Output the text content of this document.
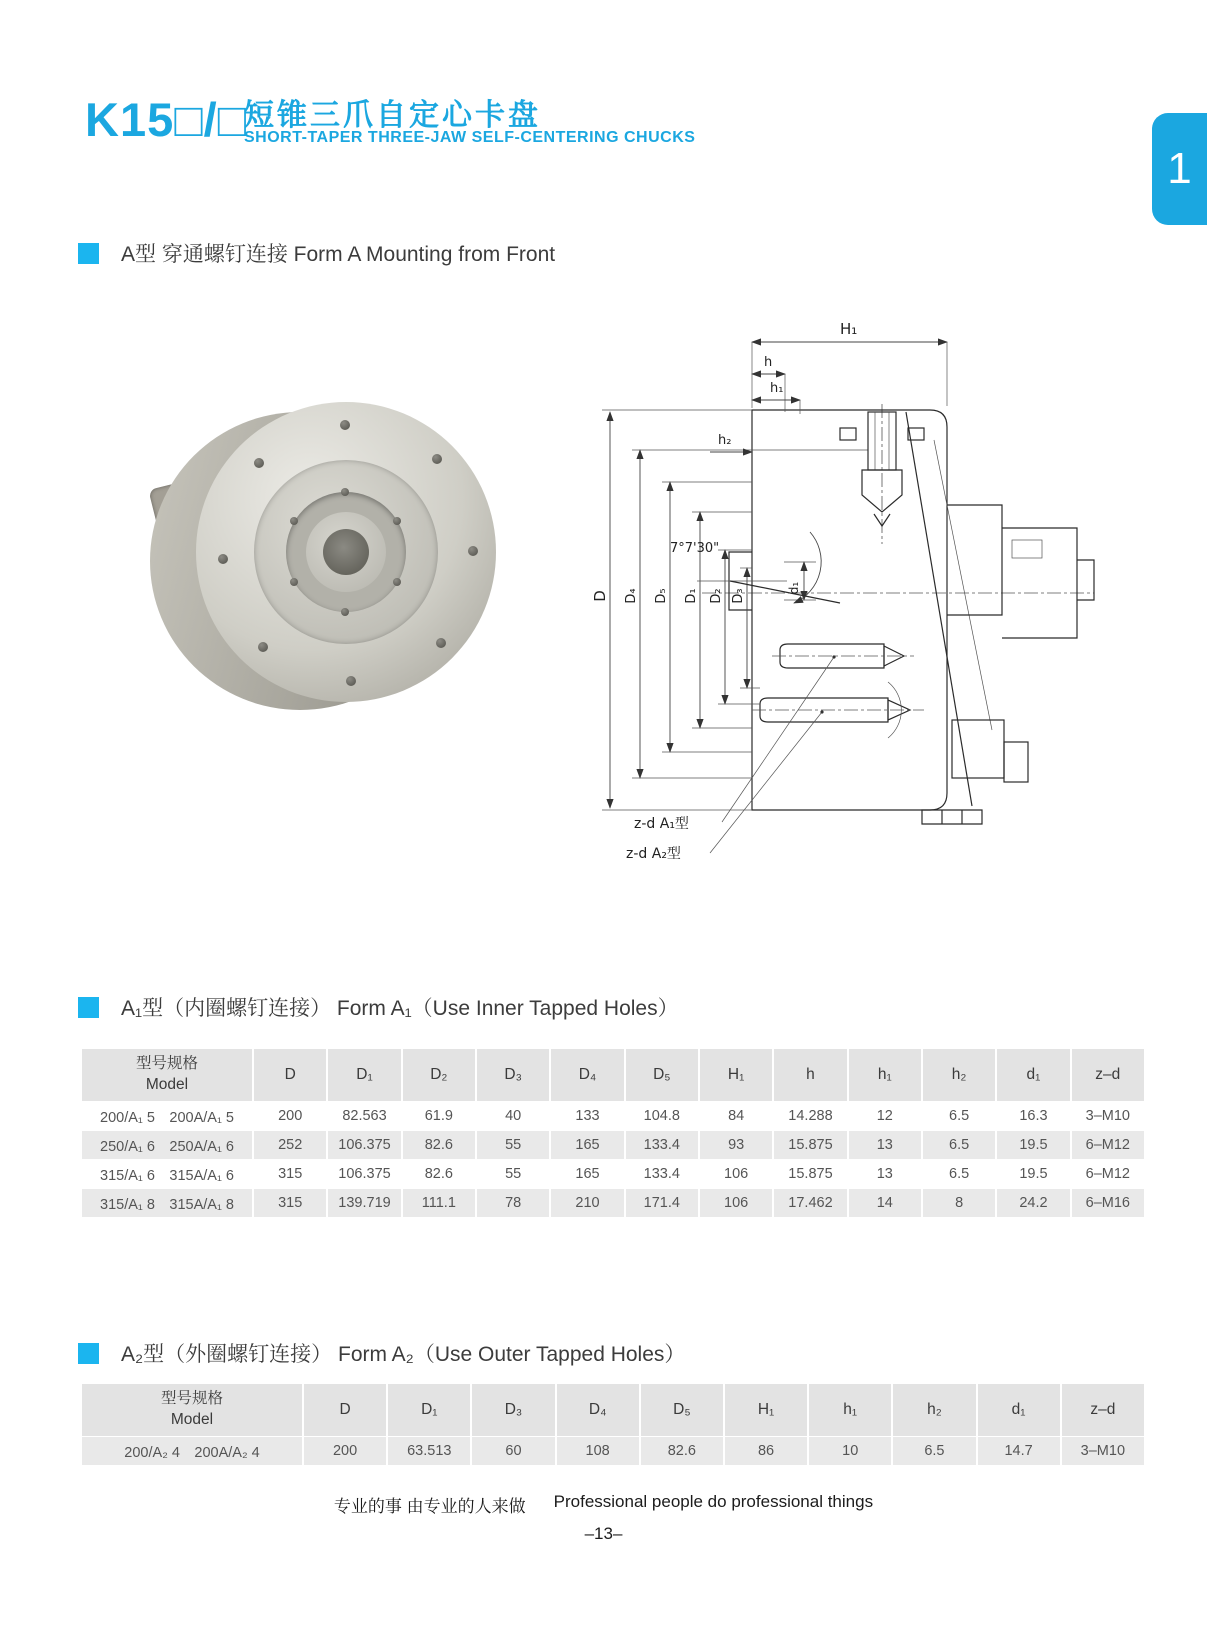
K15□/□
短锥三爪自定心卡盘
SHORT-TAPER THREE-JAW SELF-CENTERING CHUCKS
1
A型 穿通螺钉连接 Form A Mounting from Front
H₁
h
h₁
h₂
7°7'30"
d₁
D D₄ D₅ D₁ D₂ D₃
z-d A₁型
z-d A₂型
A₁型（内圈螺钉连接） Form A₁（Use Inner Tapped Holes）
型号规格
Model	D	D₁	D₂	D₃	D₄	D₅	H₁	h	h₁	h₂	d₁	z–d
200/A₁ 5　200A/A₁ 5	200	82.563	61.9	40	133	104.8	84	14.288	12	6.5	16.3	3–M10
250/A₁ 6　250A/A₁ 6	252	106.375	82.6	55	165	133.4	93	15.875	13	6.5	19.5	6–M12
315/A₁ 6　315A/A₁ 6	315	106.375	82.6	55	165	133.4	106	15.875	13	6.5	19.5	6–M12
315/A₁ 8　315A/A₁ 8	315	139.719	111.1	78	210	171.4	106	17.462	14	8	24.2	6–M16
A₂型（外圈螺钉连接） Form A₂（Use Outer Tapped Holes）
型号规格
Model	D	D₁	D₃	D₄	D₅	H₁	h₁	h₂	d₁	z–d
200/A₂ 4　200A/A₂ 4	200	63.513	60	108	82.6	86	10	6.5	14.7	3–M10
专业的事 由专业的人来做 Professional people do professional things
–13–
